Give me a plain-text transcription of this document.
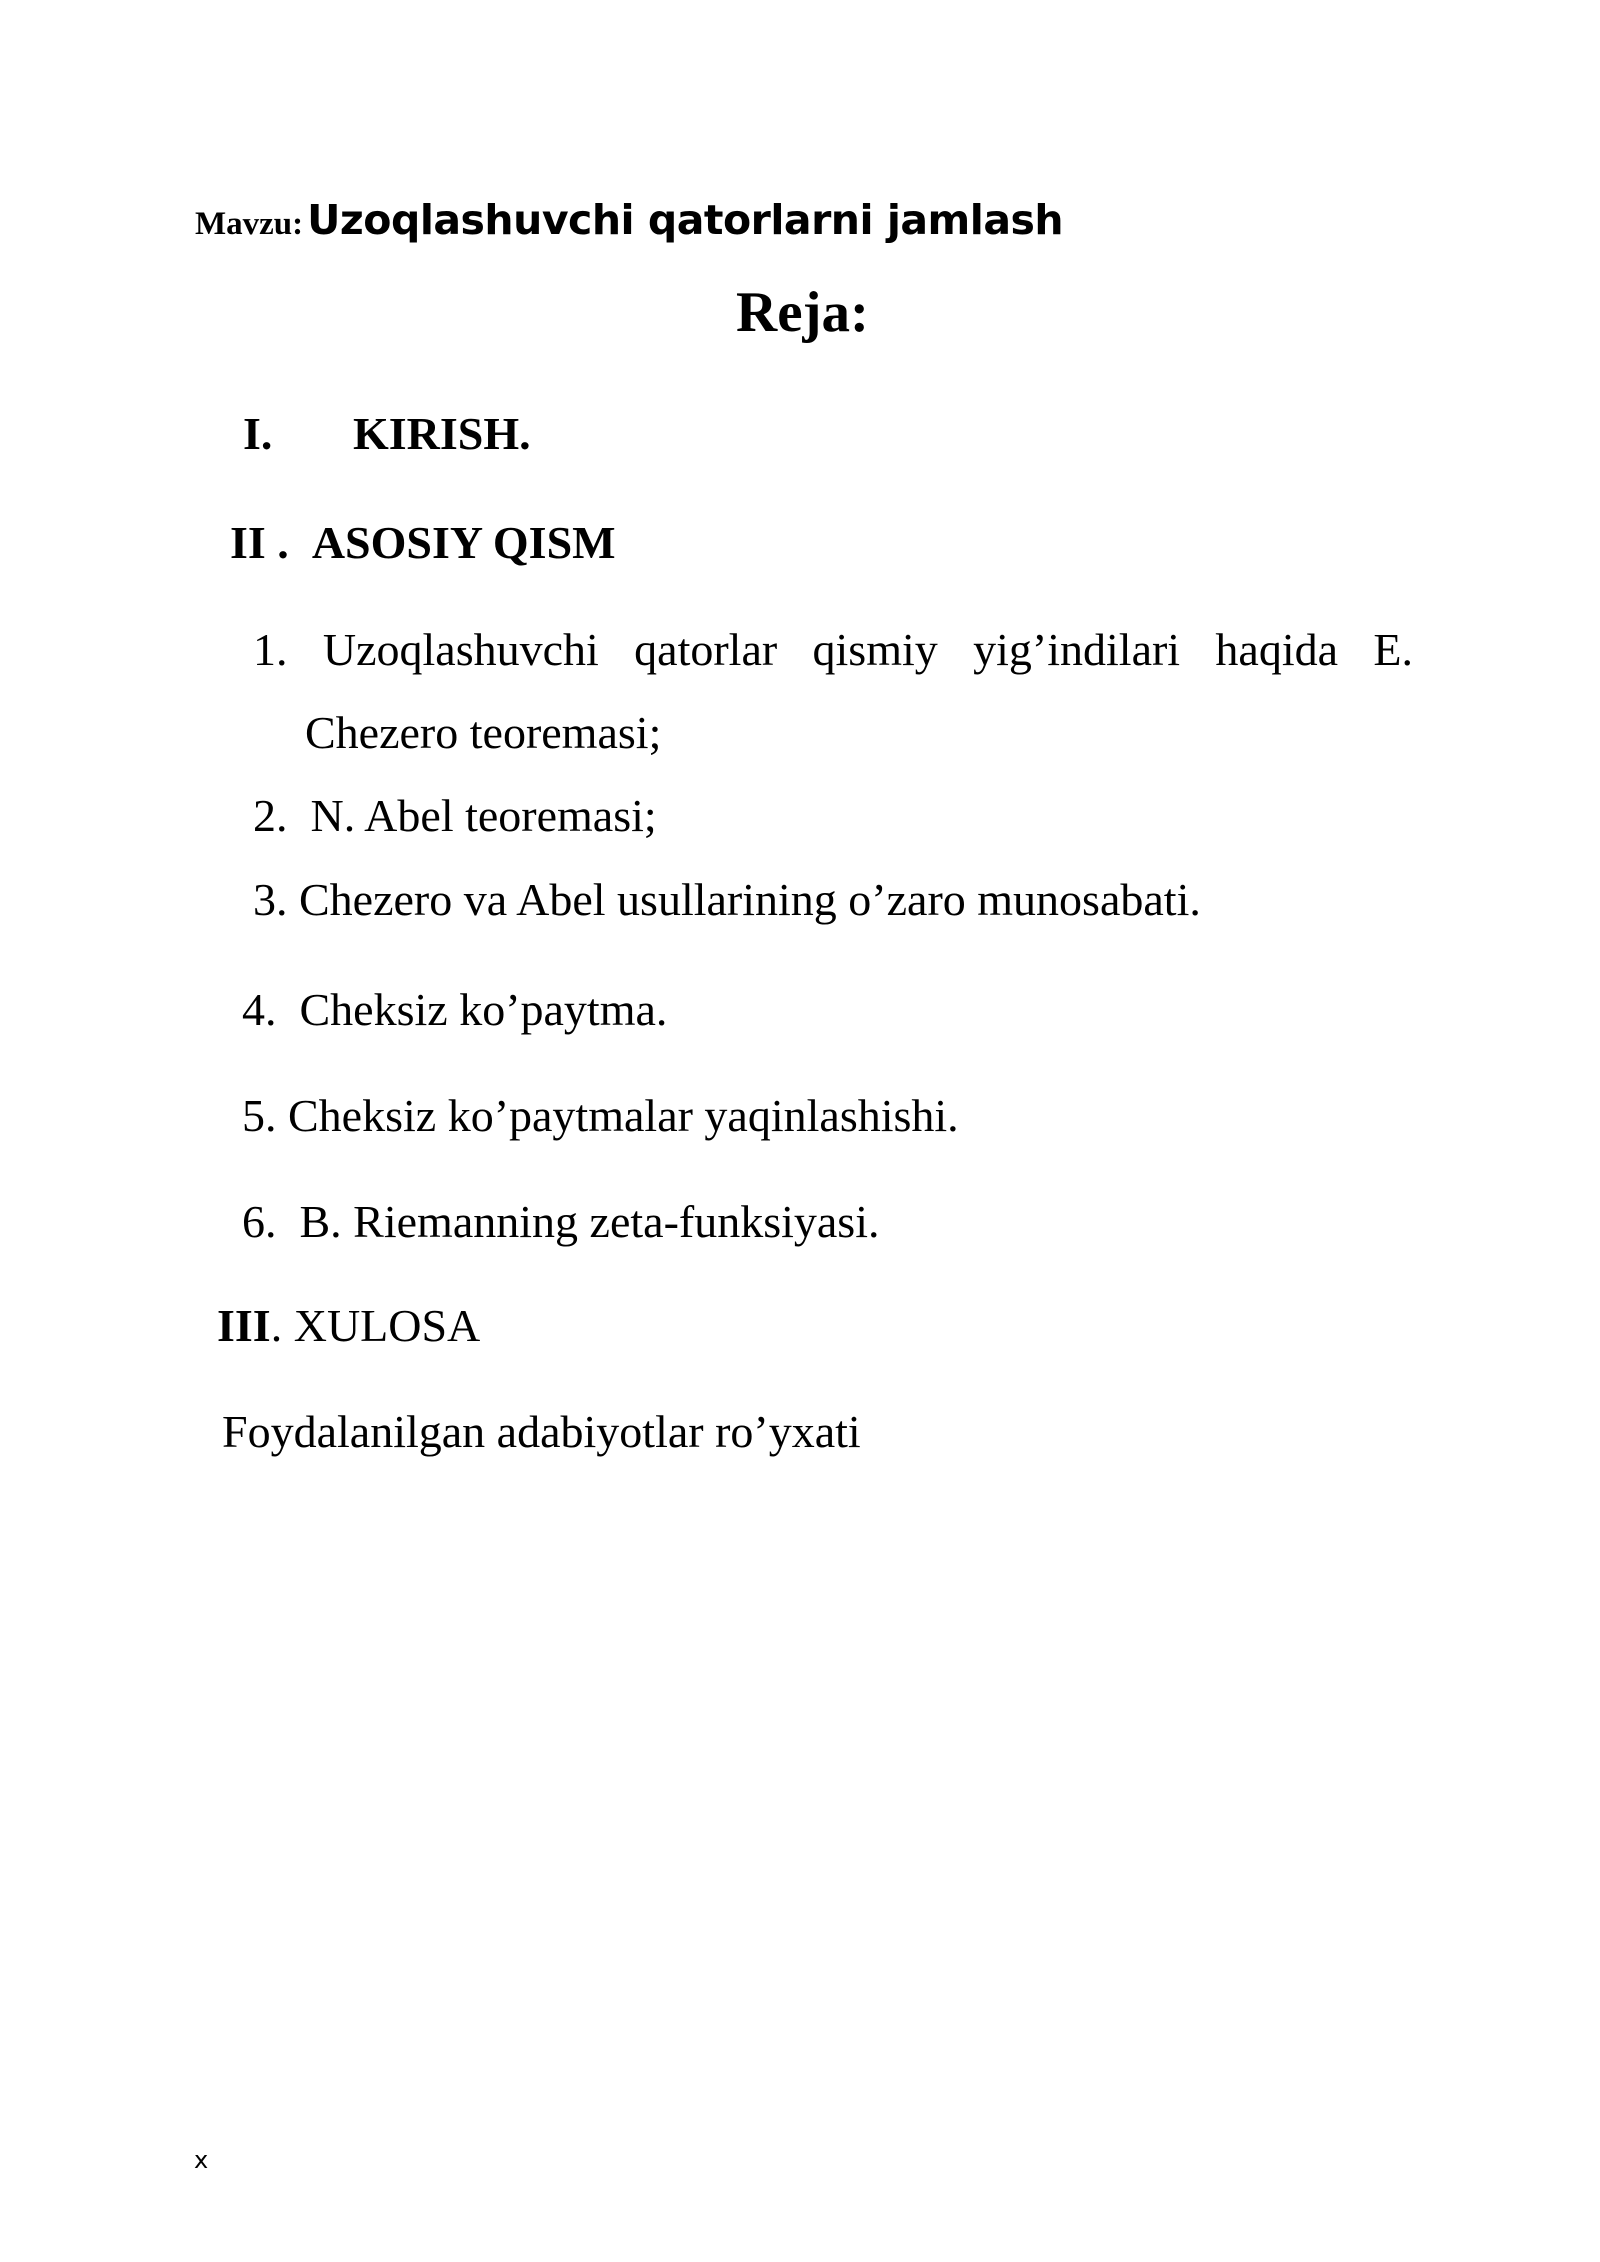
Mavzu: Uzoqlashuvchi qatorlarni jamlash
Reja:
I. KIRISH.
II . ASOSIY QISM
1. Uzoqlashuvchi qatorlar qismiy yig’indilari haqida E.
Chezero teoremasi;
2. N. Abel teoremasi;
3. Chezero va Abel usullarining o’zaro munosabati.
4. Cheksiz ko’paytma.
5. Cheksiz ko’paytmalar yaqinlashishi.
6. B. Riemanning zeta-funksiyasi.
III. XULOSA
Foydalanilgan adabiyotlar ro’yxati
x
